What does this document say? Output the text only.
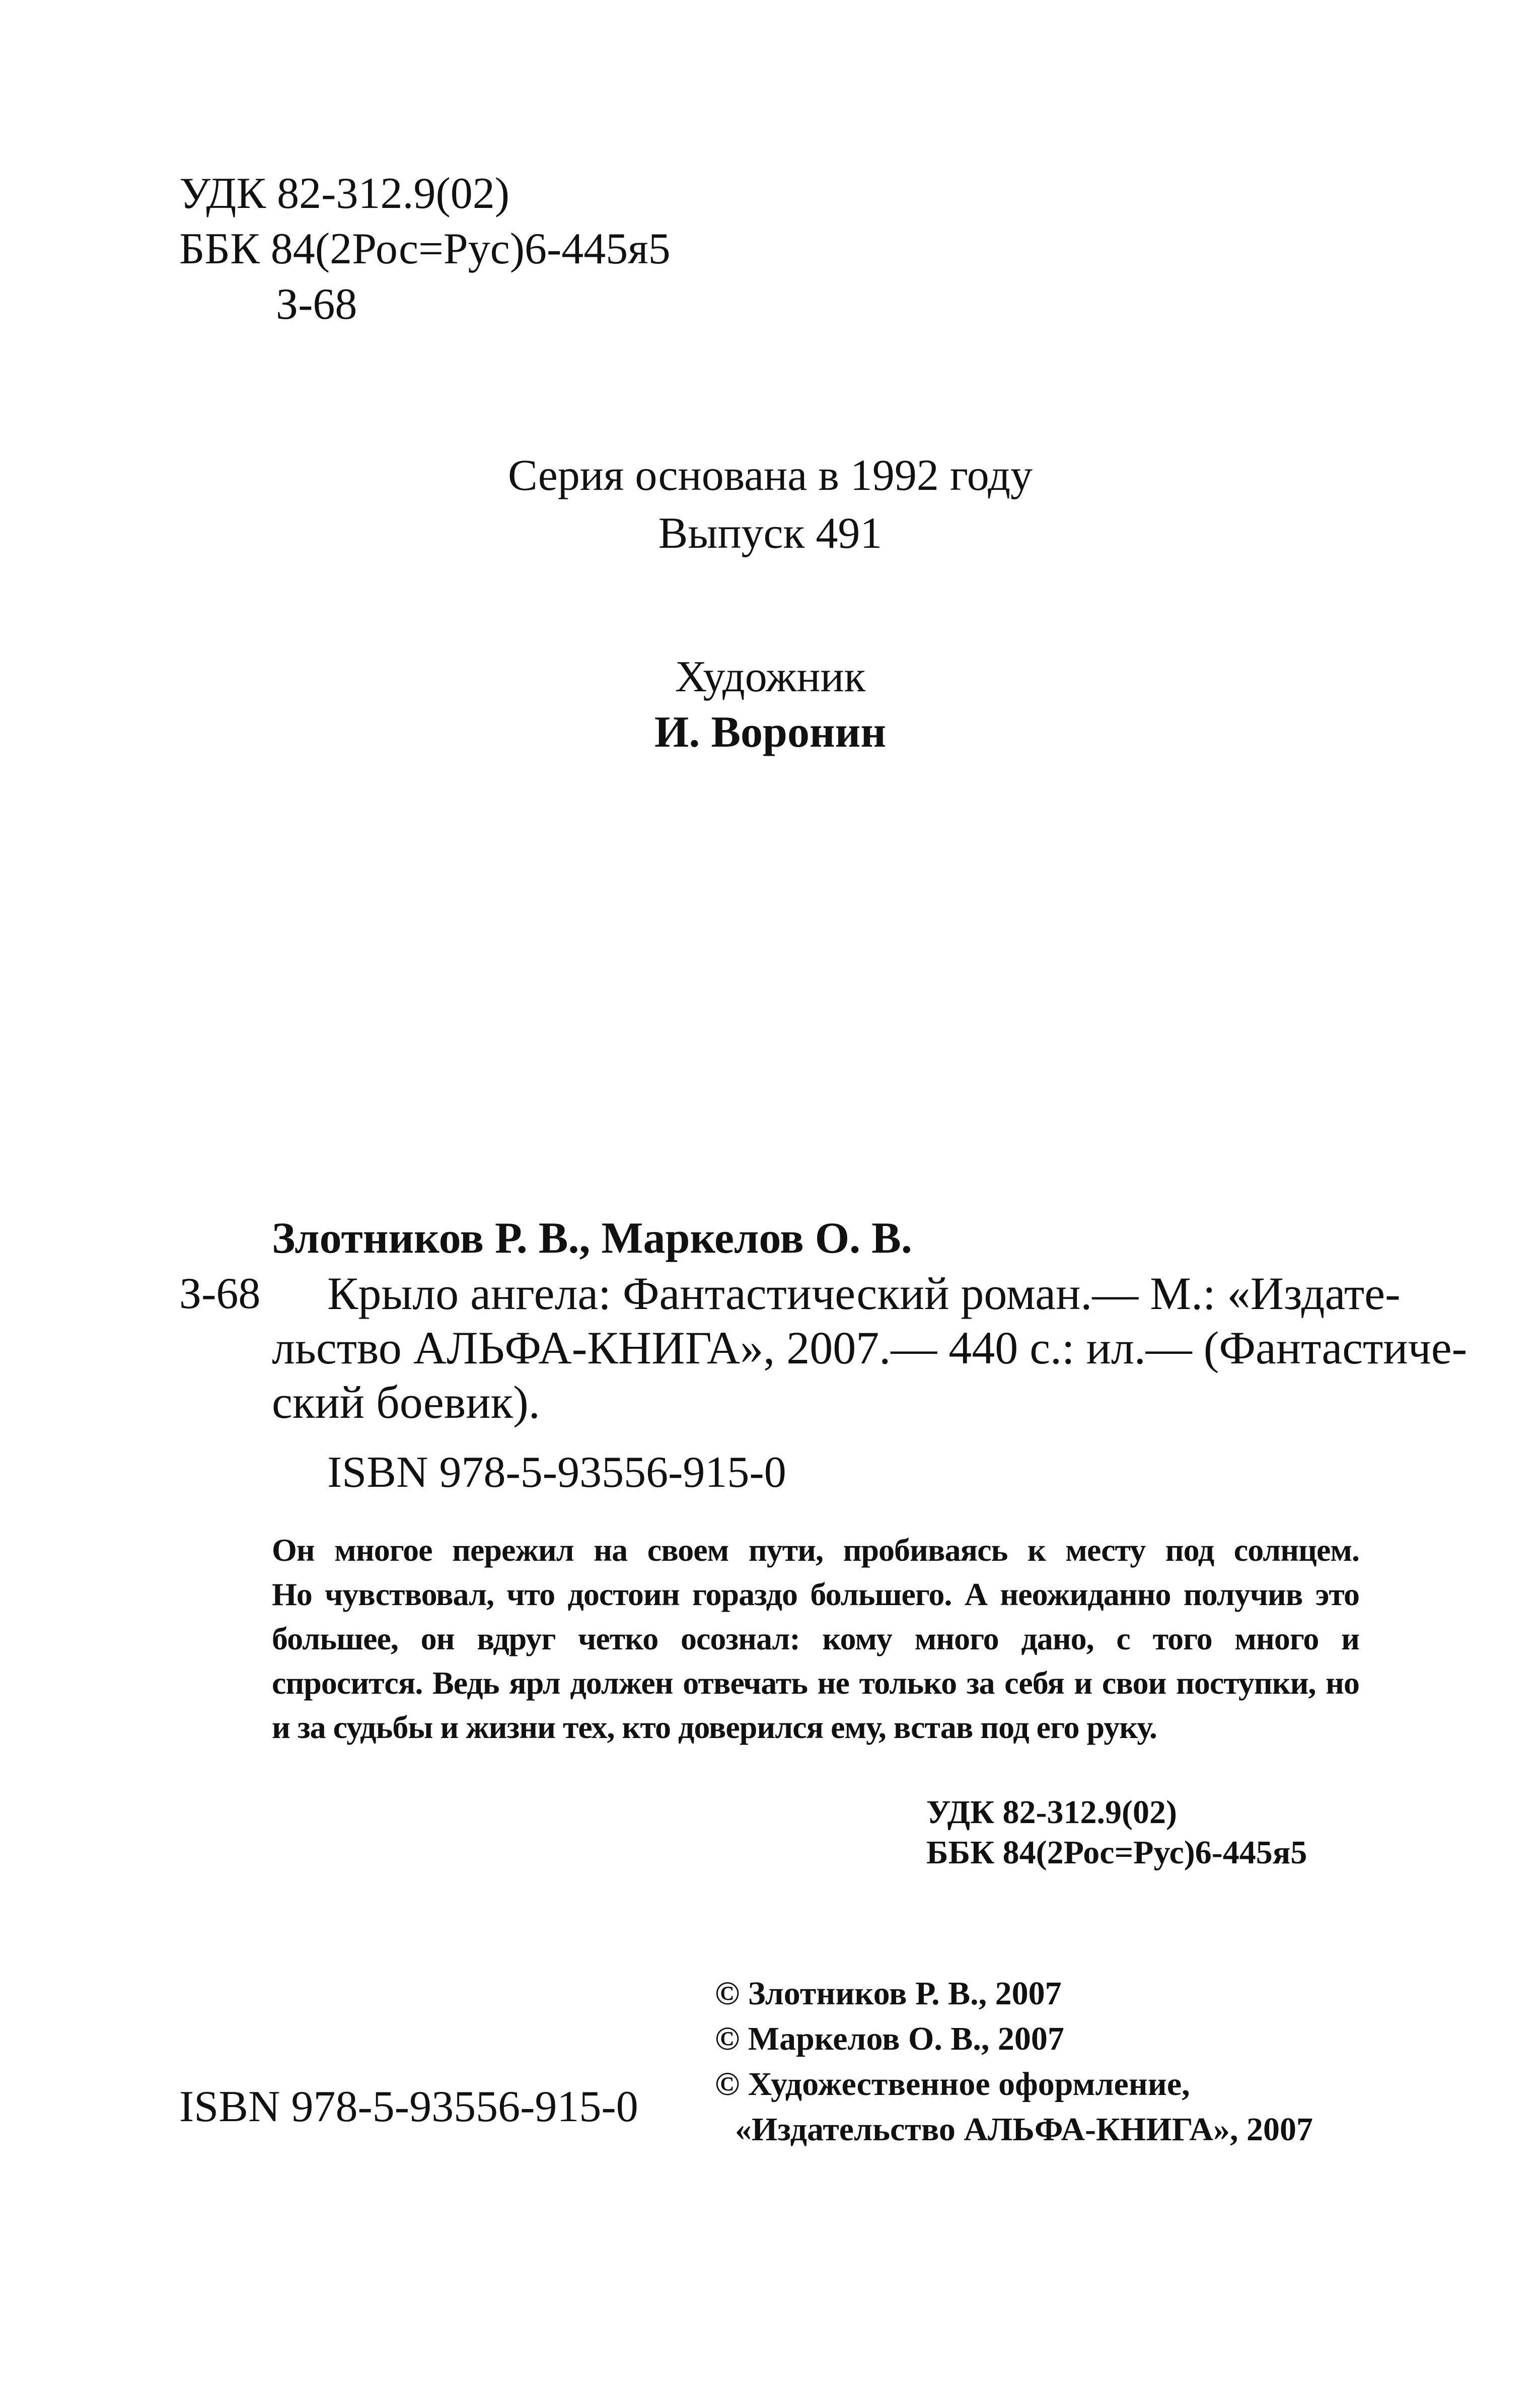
УДК 82-312.9(02)
ББК 84(2Рос=Рус)6-445я5
З-68
Серия основана в 1992 году
Выпуск 491
Художник
И. Воронин
Злотников Р. В., Маркелов О. В.
З-68 Крыло ангела: Фантастический роман.— М.: «Издате-
льство АЛЬФА-КНИГА», 2007.— 440 с.: ил.— (Фантастиче-
ский боевик).
ISBN 978-5-93556-915-0
Он многое пережил на своем пути, пробиваясь к месту под солнцем.
Но чувствовал, что достоин гораздо большего. А неожиданно получив это
большее, он вдруг четко осознал: кому много дано, с того много и
спросится. Ведь ярл должен отвечать не только за себя и свои поступки, но
и за судьбы и жизни тех, кто доверился ему, встав под его руку.
УДК 82-312.9(02)
ББК 84(2Рос=Рус)6-445я5
© Злотников Р. В., 2007
© Маркелов О. В., 2007
© Художественное оформление,
«Издательство АЛЬФА-КНИГА», 2007
ISBN 978-5-93556-915-0
